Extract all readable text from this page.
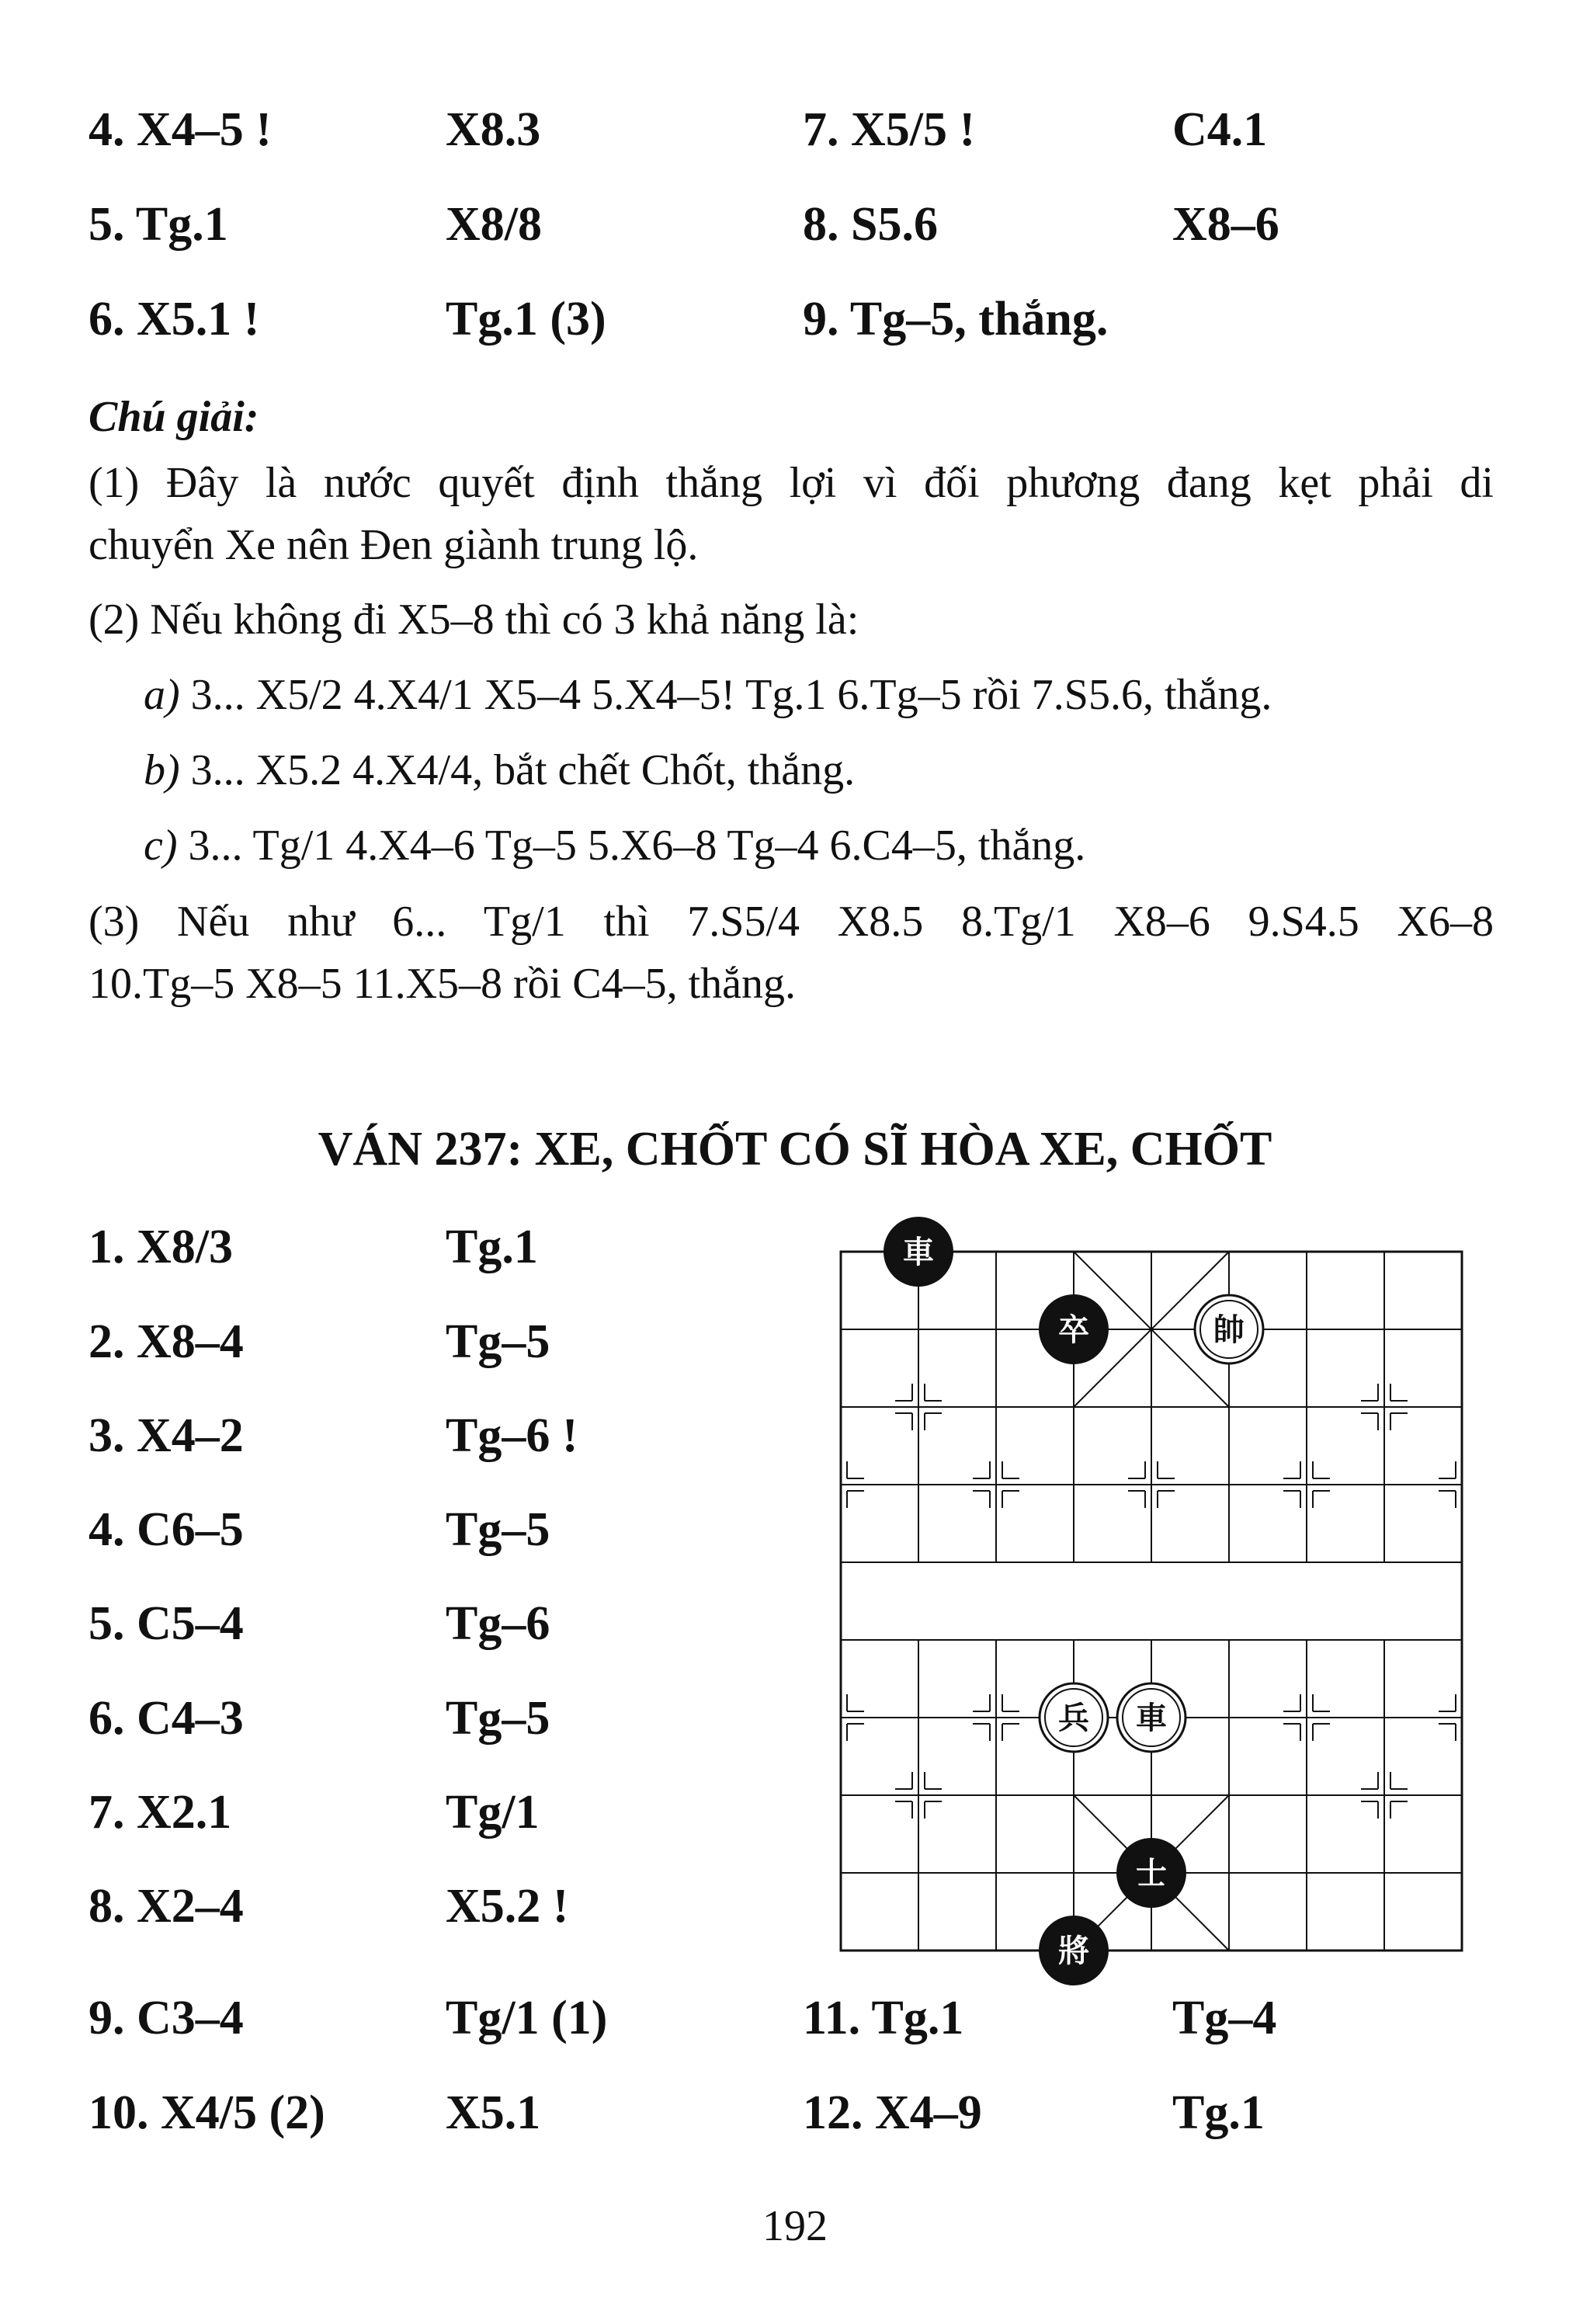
4. X4–5 !	X8.3	7. X5/5 !	C4.1
5. Tg.1	X8/8	8. S5.6	X8–6
6. X5.1 !	Tg.1 (3)	9. Tg–5, thắng.
Chú giải:
(1) Đây là nước quyết định thắng lợi vì đối phương đang kẹt phải di
chuyển Xe nên Đen giành trung lộ.
(2) Nếu không đi X5–8 thì có 3 khả năng là:
a) 3... X5/2 4.X4/1 X5–4 5.X4–5! Tg.1 6.Tg–5 rồi 7.S5.6, thắng.
b) 3... X5.2 4.X4/4, bắt chết Chốt, thắng.
c) 3... Tg/1 4.X4–6 Tg–5 5.X6–8 Tg–4 6.C4–5, thắng.
(3) Nếu như 6... Tg/1 thì 7.S5/4 X8.5 8.Tg/1 X8–6 9.S4.5 X6–8
10.Tg–5 X8–5 11.X5–8 rồi C4–5, thắng.
VÁN 237: XE, CHỐT CÓ SĨ HÒA XE, CHỐT
1. X8/3	Tg.1
2. X8–4	Tg–5
3. X4–2	Tg–6 !
4. C6–5	Tg–5
5. C5–4	Tg–6
6. C4–3	Tg–5
7. X2.1	Tg/1
8. X2–4	X5.2 !
車
卒	帥
兵 車
士
將
9. C3–4	Tg/1 (1)	11. Tg.1	Tg–4
10. X4/5 (2)	X5.1	12. X4–9	Tg.1
192
